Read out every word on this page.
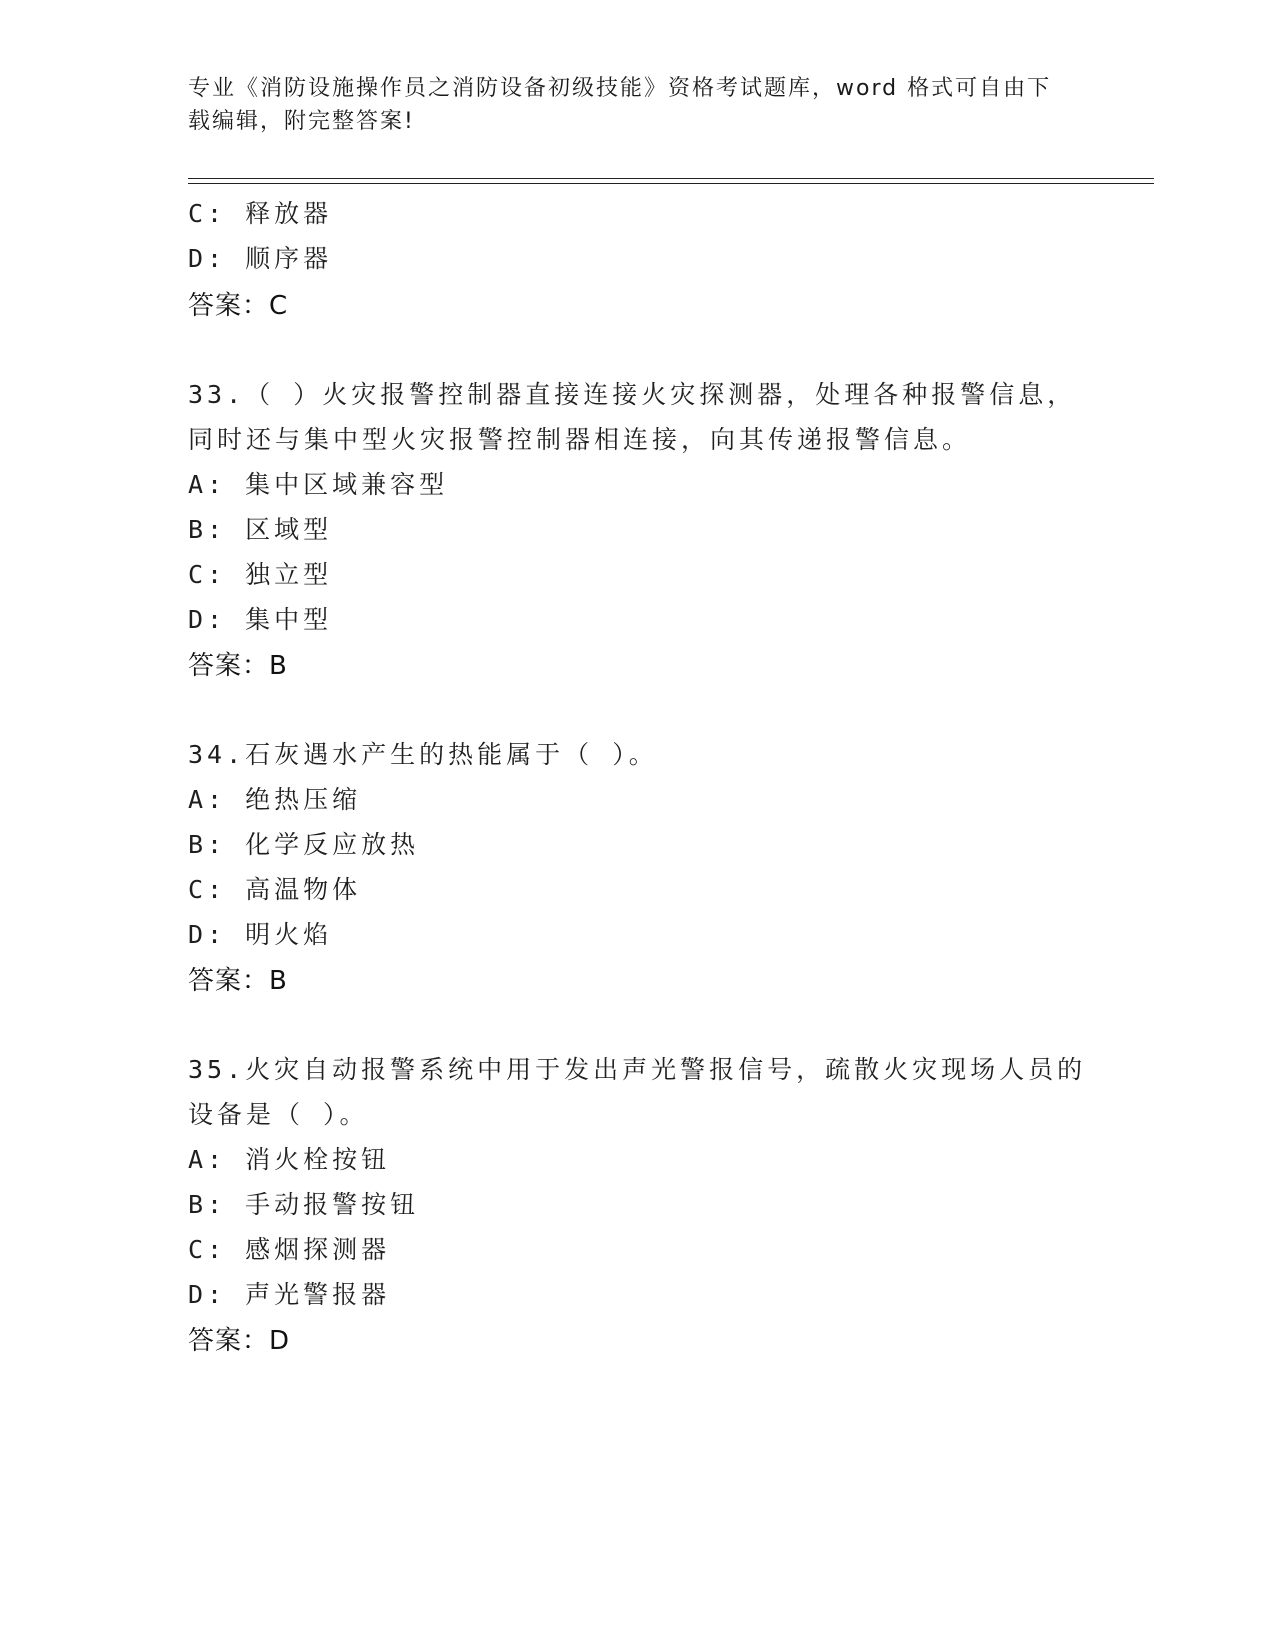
专业《消防设施操作员之消防设备初级技能》资格考试题库，word 格式可自由下
载编辑，附完整答案!
C: 释放器
D: 顺序器
答案：C
33.（ ）火灾报警控制器直接连接火灾探测器，处理各种报警信息，
同时还与集中型火灾报警控制器相连接，向其传递报警信息。
A: 集中区域兼容型
B: 区域型
C: 独立型
D: 集中型
答案：B
34.石灰遇水产生的热能属于（ ）。
A: 绝热压缩
B: 化学反应放热
C: 高温物体
D: 明火焰
答案：B
35.火灾自动报警系统中用于发出声光警报信号，疏散火灾现场人员的
设备是（ ）。
A: 消火栓按钮
B: 手动报警按钮
C: 感烟探测器
D: 声光警报器
答案：D
